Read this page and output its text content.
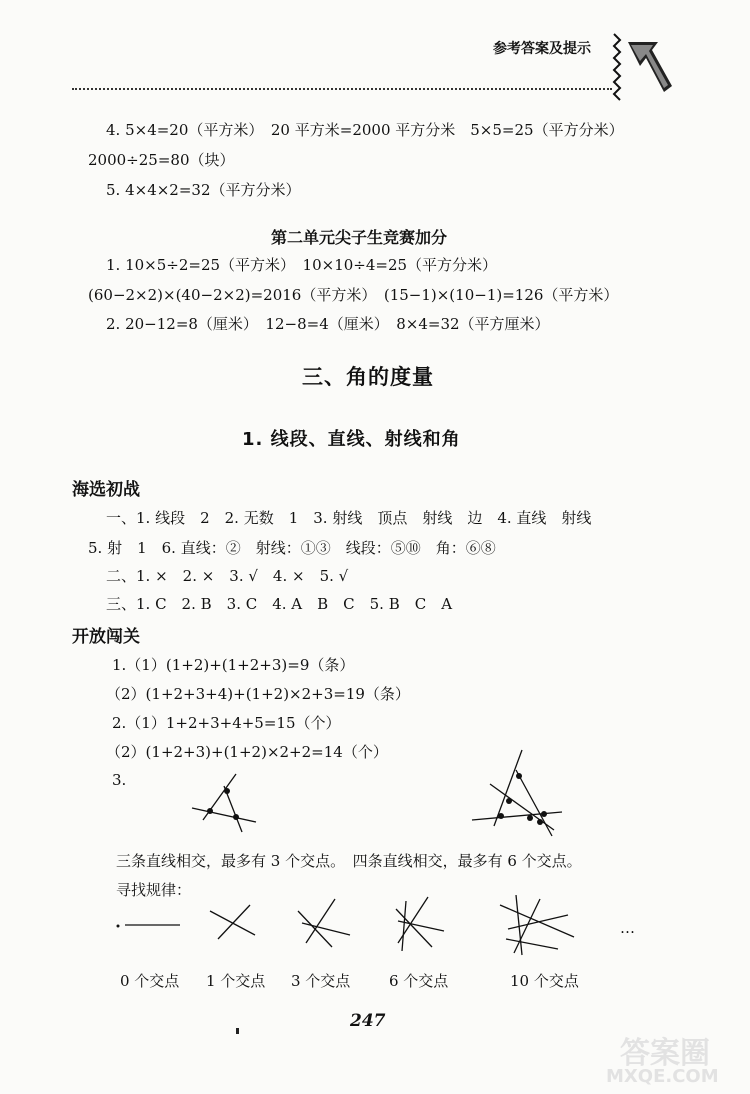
参考答案及提示
4. 5×4=20（平方米）　20 平方米=2000 平方分米　5×5=25（平方分米）
2000÷25=80（块）
5. 4×4×2=32（平方分米）
第二单元尖子生竞赛加分
1. 10×5÷2=25（平方米）　10×10÷4=25（平方分米）
(60−2×2)×(40−2×2)=2016（平方米）　(15−1)×(10−1)=126（平方米）
2. 20−12=8（厘米）　12−8=4（厘米）　8×4=32（平方厘米）
三、角的度量
1. 线段、直线、射线和角
海选初战
一、1. 线段　2　2. 无数　1　3. 射线　顶点　射线　边　4. 直线　射线
5. 射　1　6. 直线：②　射线：①③　线段：⑤⑩　角：⑥⑧
二、1. ×　2. ×　3. √　4. ×　5. √
三、1. C　2. B　3. C　4. A　B　C　5. B　C　A
开放闯关
1.（1）(1+2)+(1+2+3)=9（条）
（2）(1+2+3+4)+(1+2)×2+3=19（条）
2.（1）1+2+3+4+5=15（个）
（2）(1+2+3)+(1+2)×2+2=14（个）
3.
三条直线相交，最多有 3 个交点。　四条直线相交，最多有 6 个交点。
寻找规律：
…
0 个交点 1 个交点 3 个交点	6 个交点	10 个交点
247
答案圈
MXQE.COM
